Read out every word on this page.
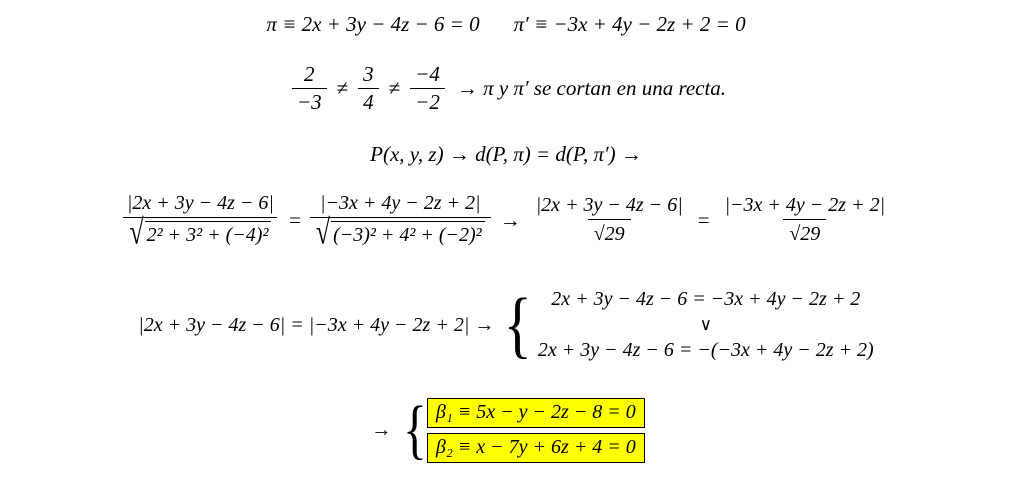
π ≡ 2x + 3y − 4z − 6 = 0 π′ ≡ −3x + 4y − 2z + 2 = 0
$\frac{2}{-3} \ne \frac{3}{4} \ne \frac{-4}{-2} \to \pi$ y π′ se cortan en una recta.
P(x, y, z) → d(P, π) = d(P, π′) →
$\frac{|2x + 3y - 4z - 6|}{\text{√ 2² + 3² + (−4)²}} = \frac{|-3x + 4y - 2z + 2|}{\text{√ (−3)² + 4² + (−2)²}} \to \frac{|2x + 3y - 4z - 6|}{√29} = \frac{|-3x + 4y - 2z + 2|}{√29}$
|2x + 3y − 4z − 6| = |−3x + 4y − 2z + 2| → { 2x + 3y − 4z − 6 = −3x + 4y − 2z + 2
∨
2x + 3y − 4z − 6 = −(−3x + 4y − 2z + 2)
→ { β₁ ≡ 5x − y − 2z − 8 = 0
β₂ ≡ x − 7y + 6z + 4 = 0
